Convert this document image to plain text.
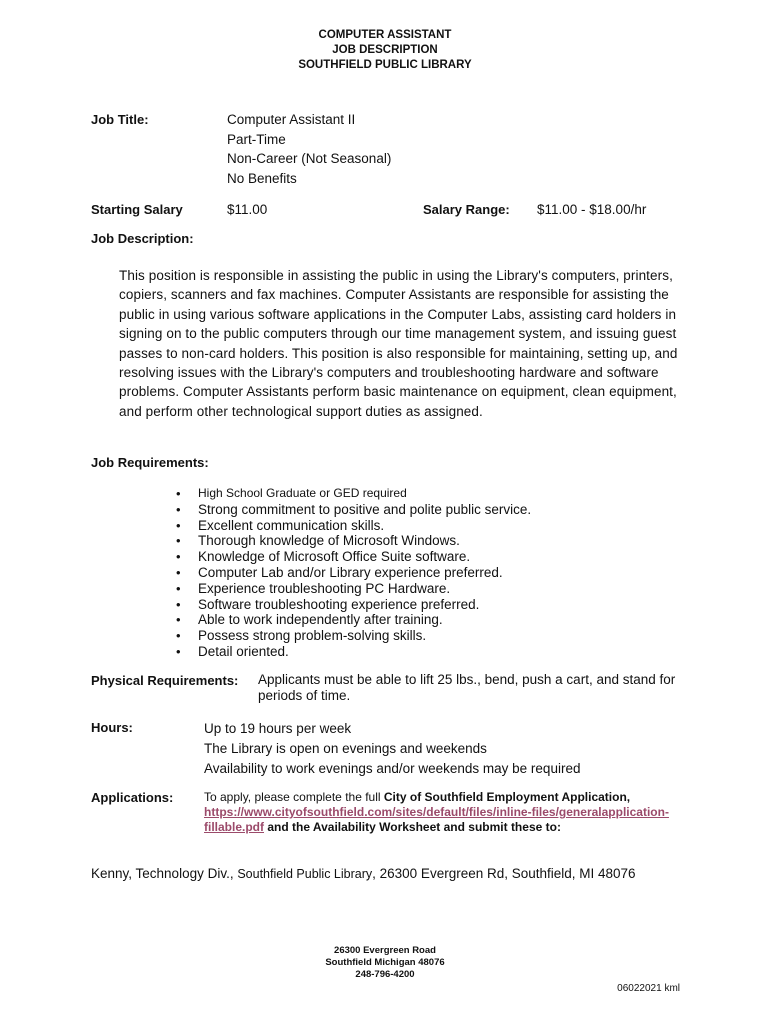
COMPUTER ASSISTANT
JOB DESCRIPTION
SOUTHFIELD PUBLIC LIBRARY
Job Title:	Computer Assistant II
Part-Time
Non-Career (Not Seasonal)
No Benefits
Starting Salary	$11.00	Salary Range: $11.00 - $18.00/hr
Job Description:
This position is responsible in assisting the public in using the Library's computers, printers, copiers, scanners and fax machines. Computer Assistants are responsible for assisting the public in using various software applications in the Computer Labs, assisting card holders in signing on to the public computers through our time management system, and issuing guest passes to non-card holders. This position is also responsible for maintaining, setting up, and resolving issues with the Library's computers and troubleshooting hardware and software problems. Computer Assistants perform basic maintenance on equipment, clean equipment, and perform other technological support duties as assigned.
Job Requirements:
• High School Graduate or GED required
• Strong commitment to positive and polite public service.
• Excellent communication skills.
• Thorough knowledge of Microsoft Windows.
• Knowledge of Microsoft Office Suite software.
• Computer Lab and/or Library experience preferred.
• Experience troubleshooting PC Hardware.
• Software troubleshooting experience preferred.
• Able to work independently after training.
• Possess strong problem-solving skills.
• Detail oriented.
Physical Requirements: Applicants must be able to lift 25 lbs., bend, push a cart, and stand for periods of time.
Hours:	Up to 19 hours per week
The Library is open on evenings and weekends
Availability to work evenings and/or weekends may be required
Applications:	To apply, please complete the full City of Southfield Employment Application, https://www.cityofsouthfield.com/sites/default/files/inline-files/generalapplication-fillable.pdf and the Availability Worksheet and submit these to:
Kenny, Technology Div., Southfield Public Library, 26300 Evergreen Rd, Southfield, MI 48076
26300 Evergreen Road
Southfield Michigan 48076
248-796-4200
06022021 kml
